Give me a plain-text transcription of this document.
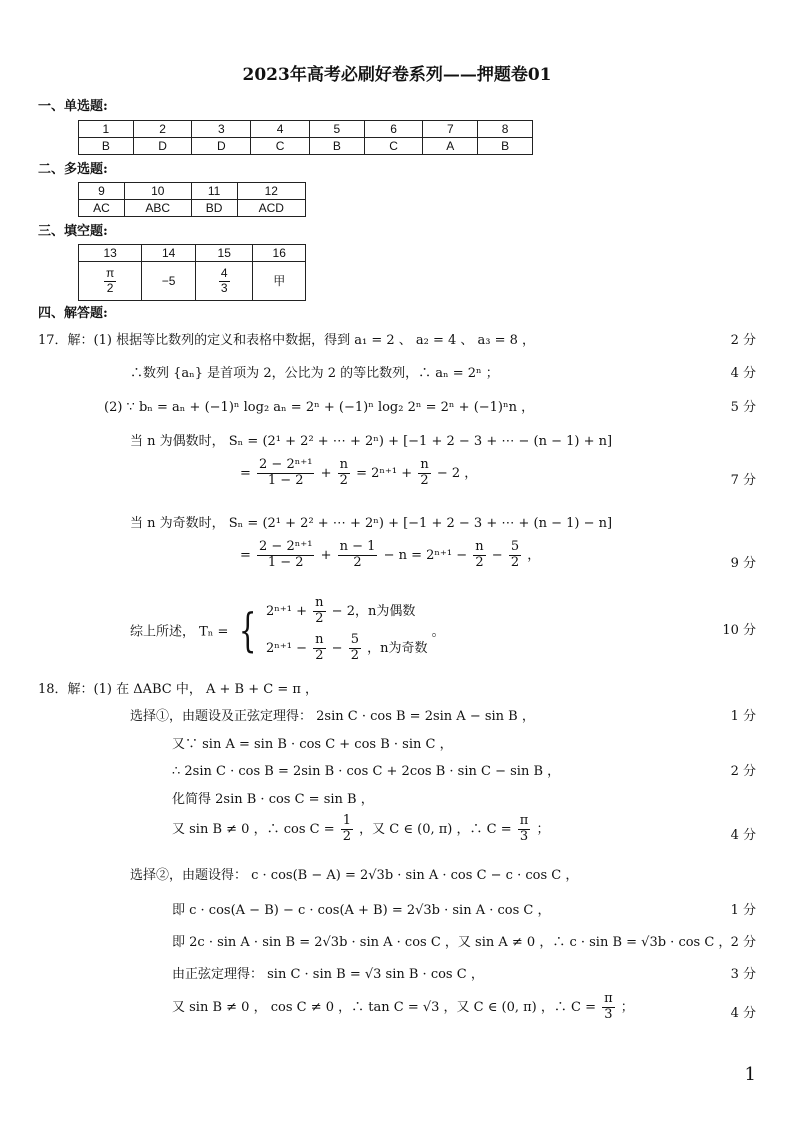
2023年高考必刷好卷系列——押题卷01
一、单选题:
1	2	3	4	5	6	7	8
B	D	D	C	B	C	A	B
二、多选题:
9	10	11	12
AC	ABC	BD	ACD
三、填空题:
13	14	15	16

$\frac{\pi}{2}$	−5	$\frac{4}{3}$	甲
四、解答题:
17．解：(1) 根据等比数列的定义和表格中数据，得到 a₁ = 2 、 a₂ = 4 、 a₃ = 8 ，	2 分
∴数列 {aₙ} 是首项为 2，公比为 2 的等比数列，∴ aₙ = 2ⁿ ；	4 分
(2) ∵ bₙ = aₙ + (−1)ⁿ log₂ aₙ = 2ⁿ + (−1)ⁿ log₂ 2ⁿ = 2ⁿ + (−1)ⁿn ，	5 分
当 n 为偶数时， Sₙ = (2¹ + 2² + ⋯ + 2ⁿ) + [−1 + 2 − 3 + ⋯ − (n − 1) + n]
= $\frac{\text{2 − 2ⁿ⁺¹}}{1 - 2} + \frac{n}{2} = 2^{n+1} + \frac{n}{2} - 2$ ，	7 分
当 n 为奇数时， Sₙ = (2¹ + 2² + ⋯ + 2ⁿ) + [−1 + 2 − 3 + ⋯ + (n − 1) − n]
= $\frac{\text{2 − 2ⁿ⁺¹}}{1 - 2} + \frac{n - 1}{2} - n = 2^{n+1} - \frac{n}{2} - \frac{5}{2}$ ，
9 分
综上所述， Tₙ = {
$2^{n+1} + \frac{n}{2} - 2$，n为偶数
$2^{n+1} - \frac{n}{2} - \frac{5}{2}$ ，n为奇数
。	10 分
18．解：(1) 在 ΔABC 中， A + B + C = π ，
选择①，由题设及正弦定理得： 2sin C · cos B = 2sin A − sin B ，	1 分
又∵ sin A = sin B · cos C + cos B · sin C ，
∴ 2sin C · cos B = 2sin B · cos C + 2cos B · sin C − sin B ，	2 分
化简得 2sin B · cos C = sin B ，
又 sin B ≠ 0 ，∴ $\cos C = \frac{1}{2}$ ，又 C ∈ (0, π) ，∴ $C = \frac{\pi}{3}$ ；	4 分
选择②，由题设得： c · cos(B − A) = 2√3b · sin A · cos C − c · cos C ，
即 c · cos(A − B) − c · cos(A + B) = 2√3b · sin A · cos C ，	1 分
即 2c · sin A · sin B = 2√3b · sin A · cos C ，又 sin A ≠ 0 ，∴ c · sin B = √3b · cos C ， 2 分
由正弦定理得： sin C · sin B = √3 sin B · cos C ，	3 分
又 sin B ≠ 0 ， cos C ≠ 0 ，∴ tan C = √3 ，又 C ∈ (0, π) ，∴ $C = \frac{\pi}{3}$ ；	4 分
1
